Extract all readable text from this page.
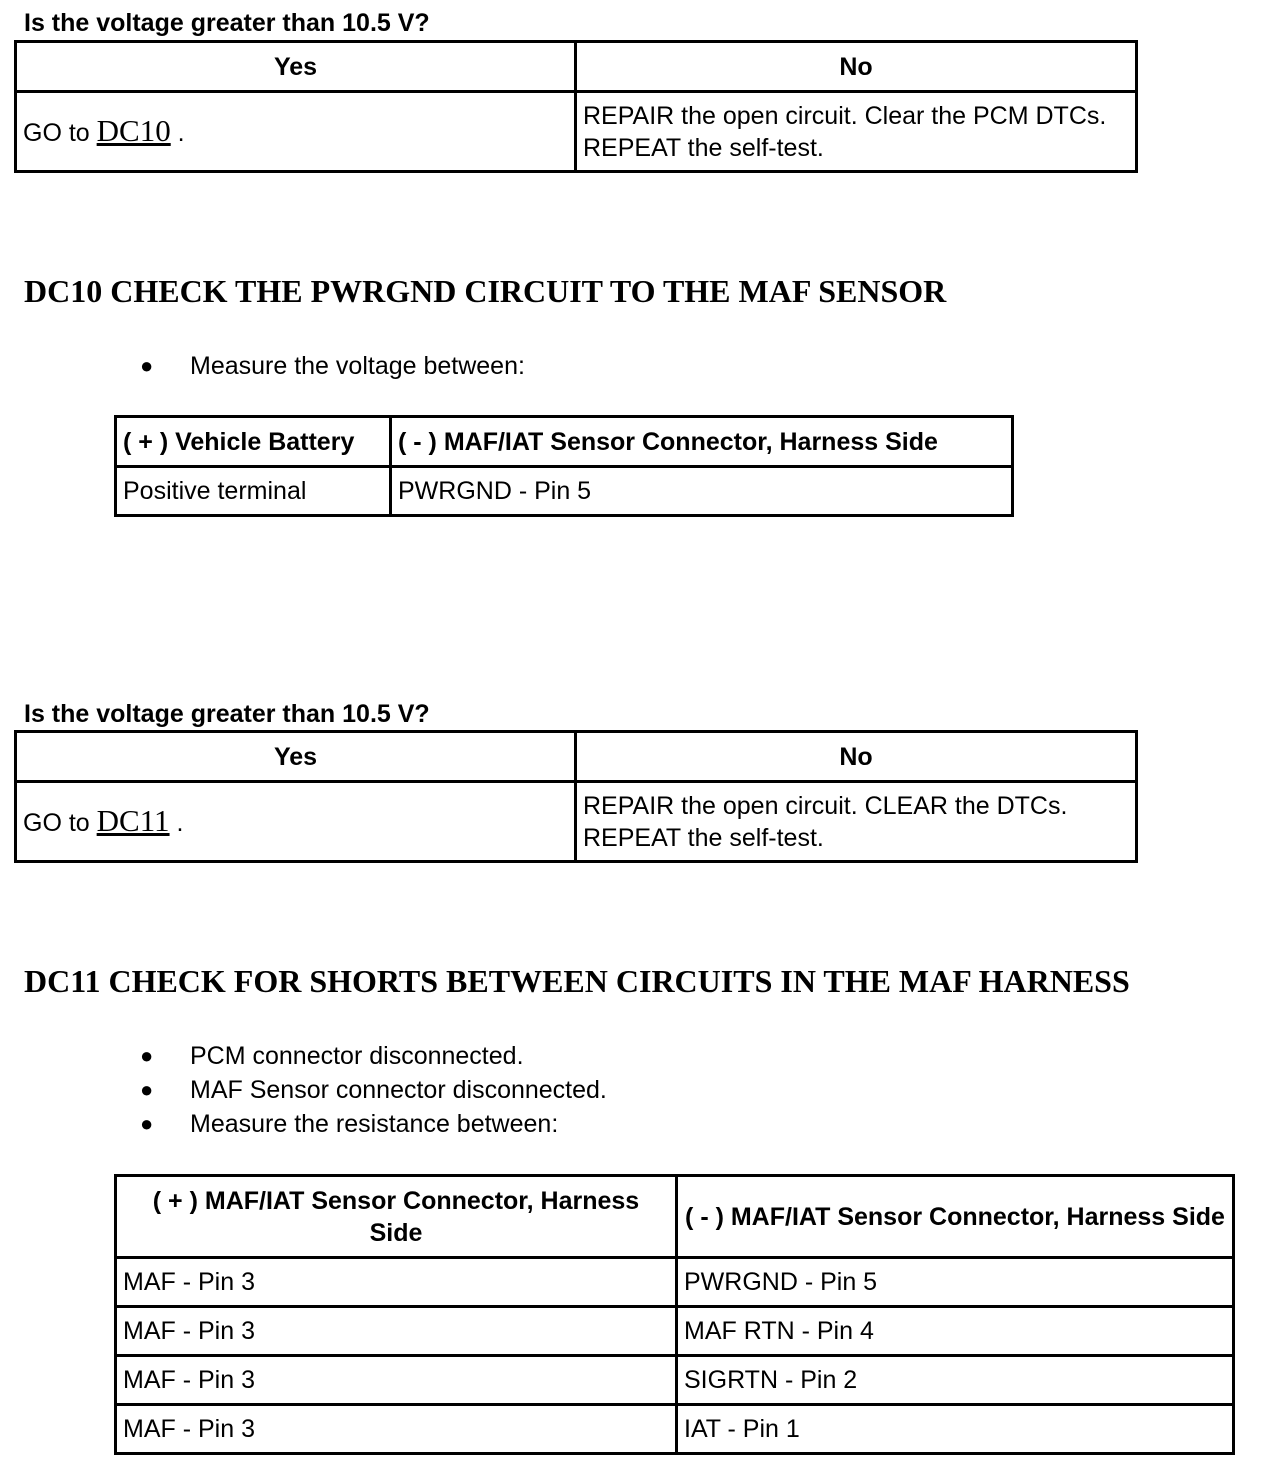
Is the voltage greater than 10.5 V?
Yes	No
GO to DC10 .	REPAIR the open circuit. Clear the PCM DTCs. REPEAT the self-test.
DC10 CHECK THE PWRGND CIRCUIT TO THE MAF SENSOR
● Measure the voltage between:
( + ) Vehicle Battery	( - ) MAF/IAT Sensor Connector, Harness Side
Positive terminal	PWRGND - Pin 5
Is the voltage greater than 10.5 V?
Yes	No
GO to DC11 .	REPAIR the open circuit. CLEAR the DTCs. REPEAT the self-test.
DC11 CHECK FOR SHORTS BETWEEN CIRCUITS IN THE MAF HARNESS
● PCM connector disconnected.
● MAF Sensor connector disconnected.
● Measure the resistance between:
( + ) MAF/IAT Sensor Connector, Harness Side	( - ) MAF/IAT Sensor Connector, Harness Side
MAF - Pin 3	PWRGND - Pin 5
MAF - Pin 3	MAF RTN - Pin 4
MAF - Pin 3	SIGRTN - Pin 2
MAF - Pin 3	IAT - Pin 1
